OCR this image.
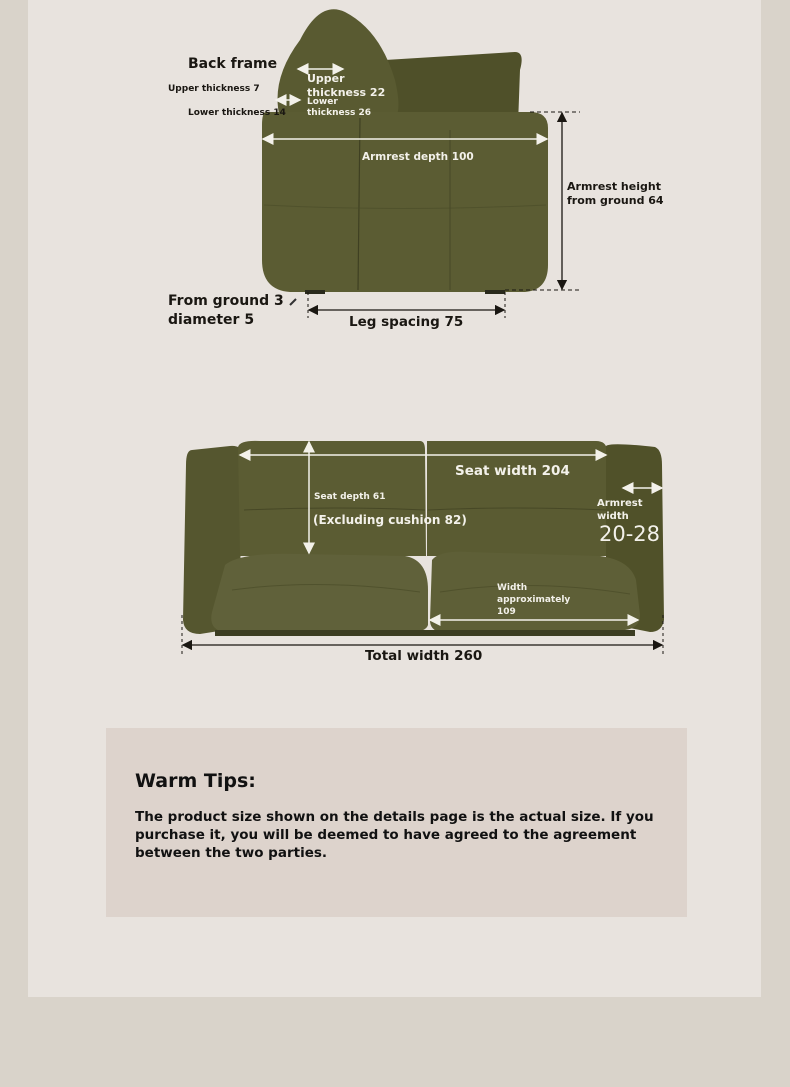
Back frame
Upper thickness 7
Lower thickness 14
Upper thickness 22
Lower thickness 26
Armrest depth 100
Armrest height
from ground 64
From ground 3
diameter 5	Leg spacing 75
Seat width 204
Seat depth 61
(Excluding cushion 82)
Armrest
width
20-28
Width
approximately
109
Total width 260
Warm Tips:
The product size shown on the details page is the actual size. If you purchase it, you will be deemed to have agreed to the agreement between the two parties.
